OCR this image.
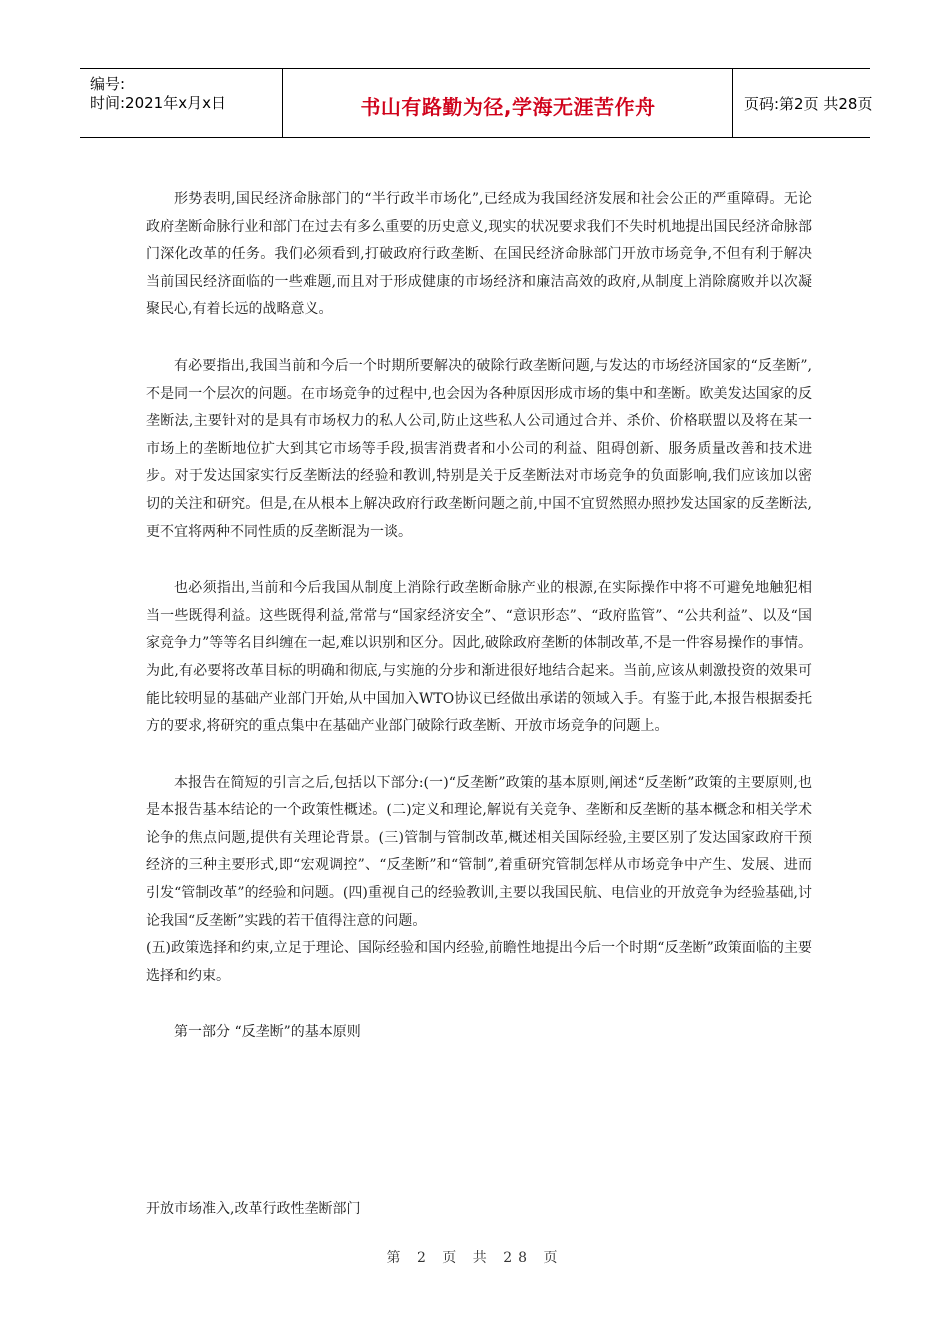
编号:
时间:2021年x月x日	书山有路勤为径,学海无涯苦作舟	页码:第2页 共28页

形势表明,国民经济命脉部门的“半行政半市场化”,已经成为我国经济发展和社会公正的严重障碍。无论政府垄断命脉行业和部门在过去有多么重要的历史意义,现实的状况要求我们不失时机地提出国民经济命脉部门深化改革的任务。我们必须看到,打破政府行政垄断、在国民经济命脉部门开放市场竞争,不但有利于解决当前国民经济面临的一些难题,而且对于形成健康的市场经济和廉洁高效的政府,从制度上消除腐败并以次凝聚民心,有着长远的战略意义。

有必要指出,我国当前和今后一个时期所要解决的破除行政垄断问题,与发达的市场经济国家的“反垄断”,不是同一个层次的问题。在市场竞争的过程中,也会因为各种原因形成市场的集中和垄断。欧美发达国家的反垄断法,主要针对的是具有市场权力的私人公司,防止这些私人公司通过合并、杀价、价格联盟以及将在某一市场上的垄断地位扩大到其它市场等手段,损害消费者和小公司的利益、阻碍创新、服务质量改善和技术进步。对于发达国家实行反垄断法的经验和教训,特别是关于反垄断法对市场竞争的负面影响,我们应该加以密切的关注和研究。但是,在从根本上解决政府行政垄断问题之前,中国不宜贸然照办照抄发达国家的反垄断法,更不宜将两种不同性质的反垄断混为一谈。

也必须指出,当前和今后我国从制度上消除行政垄断命脉产业的根源,在实际操作中将不可避免地触犯相当一些既得利益。这些既得利益,常常与“国家经济安全”、“意识形态”、“政府监管”、“公共利益”、以及“国家竞争力”等等名目纠缠在一起,难以识别和区分。因此,破除政府垄断的体制改革,不是一件容易操作的事情。为此,有必要将改革目标的明确和彻底,与实施的分步和渐进很好地结合起来。当前,应该从刺激投资的效果可能比较明显的基础产业部门开始,从中国加入WTO协议已经做出承诺的领域入手。有鉴于此,本报告根据委托方的要求,将研究的重点集中在基础产业部门破除行政垄断、开放市场竞争的问题上。

本报告在简短的引言之后,包括以下部分:(一)“反垄断”政策的基本原则,阐述“反垄断”政策的主要原则,也是本报告基本结论的一个政策性概述。(二)定义和理论,解说有关竞争、垄断和反垄断的基本概念和相关学术论争的焦点问题,提供有关理论背景。(三)管制与管制改革,概述相关国际经验,主要区别了发达国家政府干预经济的三种主要形式,即“宏观调控”、“反垄断”和“管制”,着重研究管制怎样从市场竞争中产生、发展、进而引发“管制改革”的经验和问题。(四)重视自己的经验教训,主要以我国民航、电信业的开放竞争为经验基础,讨论我国“反垄断”实践的若干值得注意的问题。

(五)政策选择和约束,立足于理论、国际经验和国内经验,前瞻性地提出今后一个时期“反垄断”政策面临的主要选择和约束。

第一部分 “反垄断”的基本原则

开放市场准入,改革行政性垄断部门
第 2 页 共 28 页
